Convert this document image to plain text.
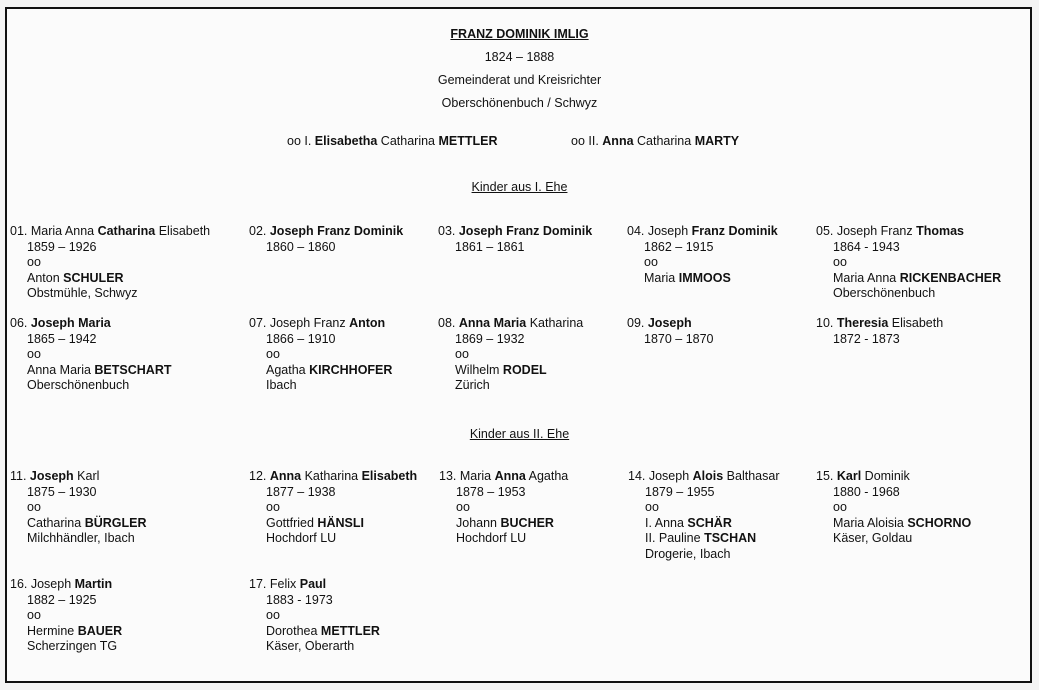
FRANZ DOMINIK IMLIG
1824 – 1888
Gemeinderat und Kreisrichter
Oberschönenbuch / Schwyz
oo I. Elisabetha Catharina METTLER	oo II. Anna Catharina MARTY
Kinder aus I. Ehe
01. Maria Anna Catharina Elisabeth
1859 – 1926
oo
Anton SCHULER
Obstmühle, Schwyz
02. Joseph Franz Dominik
1860 – 1860
03. Joseph Franz Dominik
1861 – 1861
04. Joseph Franz Dominik
1862 – 1915
oo
Maria IMMOOS
05. Joseph Franz Thomas
1864 - 1943
oo
Maria Anna RICKENBACHER
Oberschönenbuch
06. Joseph Maria
1865 – 1942
oo
Anna Maria BETSCHART
Oberschönenbuch
07. Joseph Franz Anton
1866 – 1910
oo
Agatha KIRCHHOFER
Ibach
08. Anna Maria Katharina
1869 – 1932
oo
Wilhelm RODEL
Zürich
09. Joseph
1870 – 1870
10. Theresia Elisabeth
1872 - 1873
Kinder aus II. Ehe
11. Joseph Karl
1875 – 1930
oo
Catharina BÜRGLER
Milchhändler, Ibach
12. Anna Katharina Elisabeth
1877 – 1938
oo
Gottfried HÄNSLI
Hochdorf LU
13. Maria Anna Agatha
1878 – 1953
oo
Johann BUCHER
Hochdorf LU
14. Joseph Alois Balthasar
1879 – 1955
oo
I. Anna SCHÄR
II. Pauline TSCHAN
Drogerie, Ibach
15. Karl Dominik
1880 - 1968
oo
Maria Aloisia SCHORNO
Käser, Goldau
16. Joseph Martin
1882 – 1925
oo
Hermine BAUER
Scherzingen TG
17. Felix Paul
1883 - 1973
oo
Dorothea METTLER
Käser, Oberarth
